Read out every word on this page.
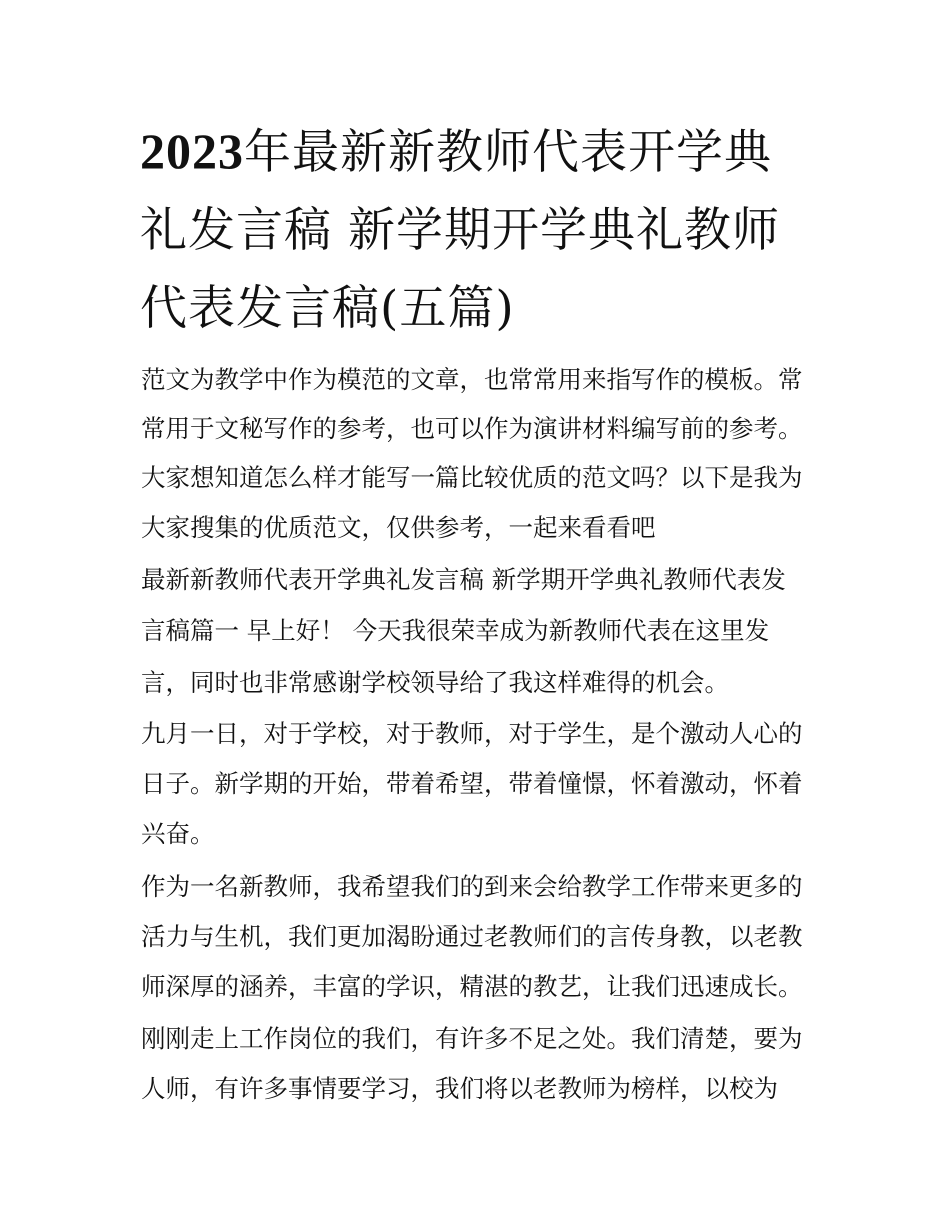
2023年最新新教师代表开学典
礼发言稿 新学期开学典礼教师
代表发言稿(五篇)

范文为教学中作为模范的文章，也常常用来指写作的模板。常

常用于文秘写作的参考，也可以作为演讲材料编写前的参考。

大家想知道怎么样才能写一篇比较优质的范文吗？以下是我为

大家搜集的优质范文，仅供参考，一起来看看吧

最新新教师代表开学典礼发言稿 新学期开学典礼教师代表发

言稿篇一 早上好！ 今天我很荣幸成为新教师代表在这里发

言，同时也非常感谢学校领导给了我这样难得的机会。

九月一日，对于学校，对于教师，对于学生，是个激动人心的

日子。新学期的开始，带着希望，带着憧憬，怀着激动，怀着

兴奋。

作为一名新教师，我希望我们的到来会给教学工作带来更多的

活力与生机，我们更加渴盼通过老教师们的言传身教，以老教

师深厚的涵养，丰富的学识，精湛的教艺，让我们迅速成长。

刚刚走上工作岗位的我们，有许多不足之处。我们清楚，要为

人师，有许多事情要学习，我们将以老教师为榜样，以校为
